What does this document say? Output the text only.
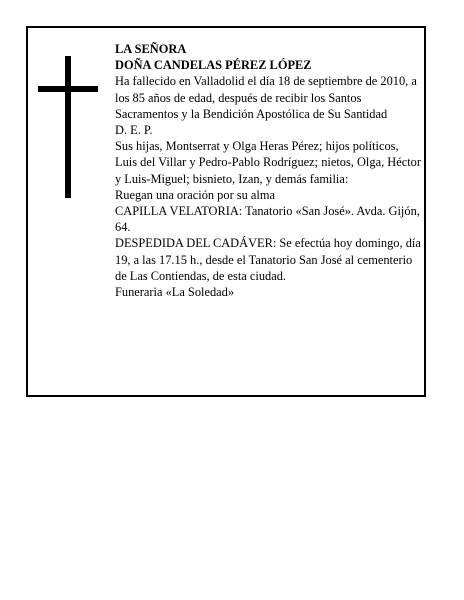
LA SEÑORA
DOÑA CANDELAS PÉREZ LÓPEZ
Ha fallecido en Valladolid el día 18 de septiembre de 2010, a los 85 años de edad, después de recibir los Santos Sacramentos y la Bendición Apostólica de Su Santidad
D. E. P.
Sus hijas, Montserrat y Olga Heras Pérez; hijos políticos, Luis del Villar y Pedro-Pablo Rodríguez; nietos, Olga, Héctor y Luis-Miguel; bisnieto, Izan, y demás familia:
Ruegan una oración por su alma
CAPILLA VELATORIA: Tanatorio «San José». Avda. Gijón, 64.
DESPEDIDA DEL CADÁVER: Se efectúa hoy domingo, día 19, a las 17.15 h., desde el Tanatorio San José al cementerio de Las Contiendas, de esta ciudad.
Funeraria «La Soledad»
